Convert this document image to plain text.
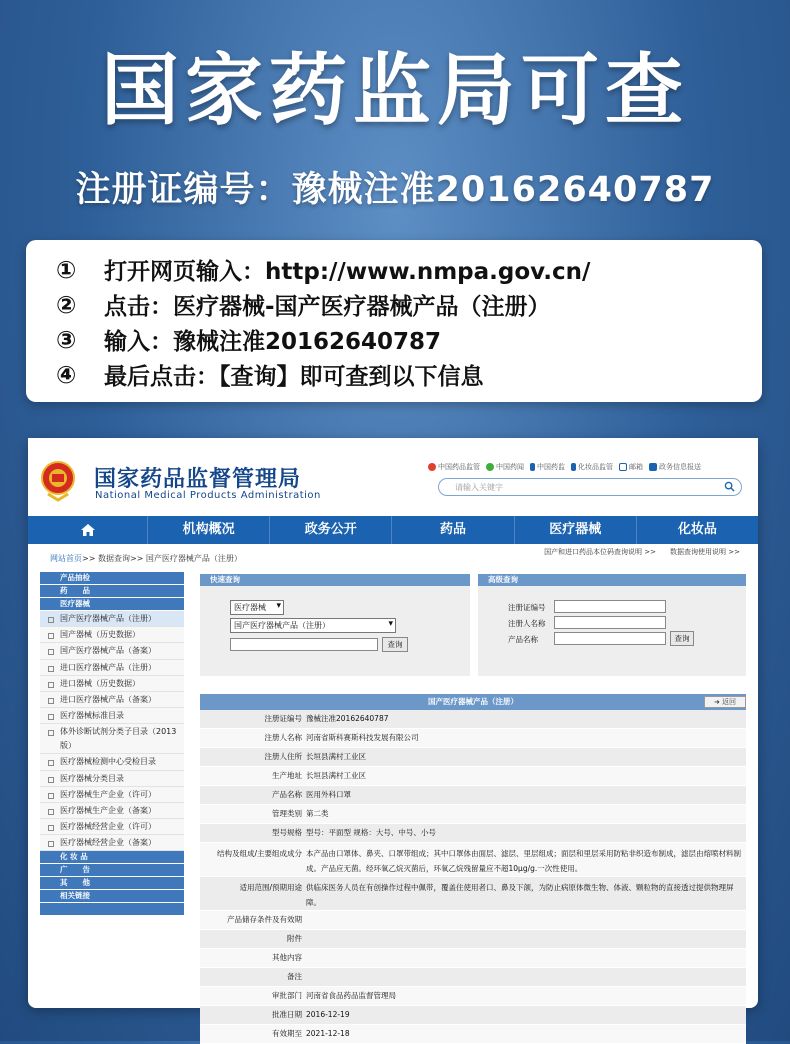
国家药监局可查
注册证编号：豫械注准20162640787
①	打开网页输入：http://www.nmpa.gov.cn/
②	点击：医疗器械-国产医疗器械产品（注册）
③	输入：豫械注准20162640787
④	最后点击：【查询】即可查到以下信息
国家药品监督管理局
National Medical Products Administration
中国药品监管 中国药闻 中国药监 化妆品监管 邮箱 政务信息报送
请输入关键字
机构概况	政务公开	药品	医疗器械	化妆品
网站首页>> 数据查询>> 国产医疗器械产品（注册）
国产和进口药品本位码查询说明 >> 数据查询使用说明 >>
产品抽检
药　　品
医疗器械
国产医疗器械产品（注册）
国产器械（历史数据）
国产医疗器械产品（备案）
进口医疗器械产品（注册）
进口器械（历史数据）
进口医疗器械产品（备案）
医疗器械标准目录
体外诊断试剂分类子目录（2013版）
医疗器械检测中心受检目录
医疗器械分类目录
医疗器械生产企业（许可）
医疗器械生产企业（备案）
医疗器械经营企业（许可）
医疗器械经营企业（备案）
化 妆 品
广　　告
其　　他
相关链接
快速查询
医疗器械 ▾
国产医疗器械产品（注册） ▾
查询
高级查询
注册证编号
注册人名称
产品名称	查询
国产医疗器械产品（注册）	➜ 返回
注册证编号 豫械注准20162640787
注册人名称 河南省斯科赛斯科技发展有限公司
注册人住所 长垣县满村工业区
生产地址 长垣县满村工业区
产品名称 医用外科口罩
管理类别 第二类
型号规格 型号：平面型 规格：大号、中号、小号
结构及组成/主要组成成分 本产品由口罩体、鼻夹、口罩带组成；其中口罩体由面层、滤层、里层组成；面层和里层采用防粘非织造布制成，滤层由熔喷材料制成。产品应无菌。经环氧乙烷灭菌后，环氧乙烷残留量应不超10μg/g.一次性使用。
适用范围/预期用途 供临床医务人员在有创操作过程中佩带，覆盖住使用者口、鼻及下颌，为防止病原体微生物、体液、颗粒物的直接透过提供物理屏障。
产品储存条件及有效期
附件
其他内容
备注
审批部门 河南省食品药品监督管理局
批准日期 2016-12-19
有效期至 2021-12-18
